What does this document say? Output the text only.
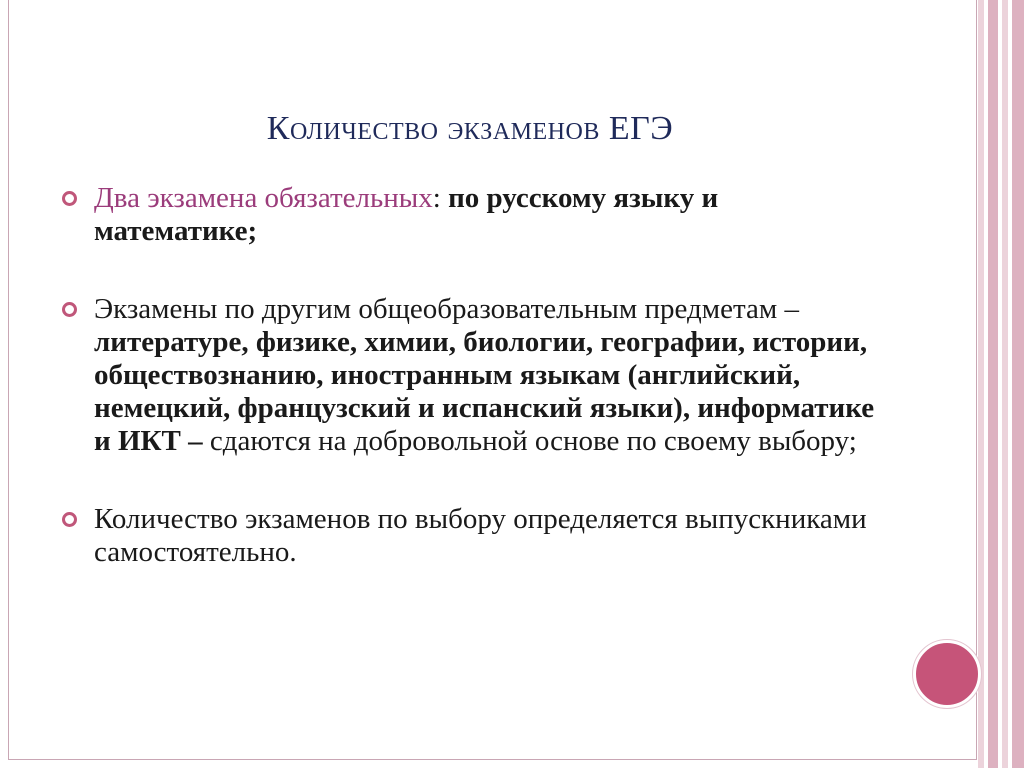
Количество экзаменов ЕГЭ
Два экзамена обязательных: по русскому языку и математике;
Экзамены по другим общеобразовательным предметам – литературе, физике, химии, биологии, географии, истории, обществознанию, иностранным языкам (английский, немецкий, французский и испанский языки), информатике и ИКТ – сдаются на добровольной основе по своему выбору;
Количество экзаменов по выбору определяется выпускниками самостоятельно.
